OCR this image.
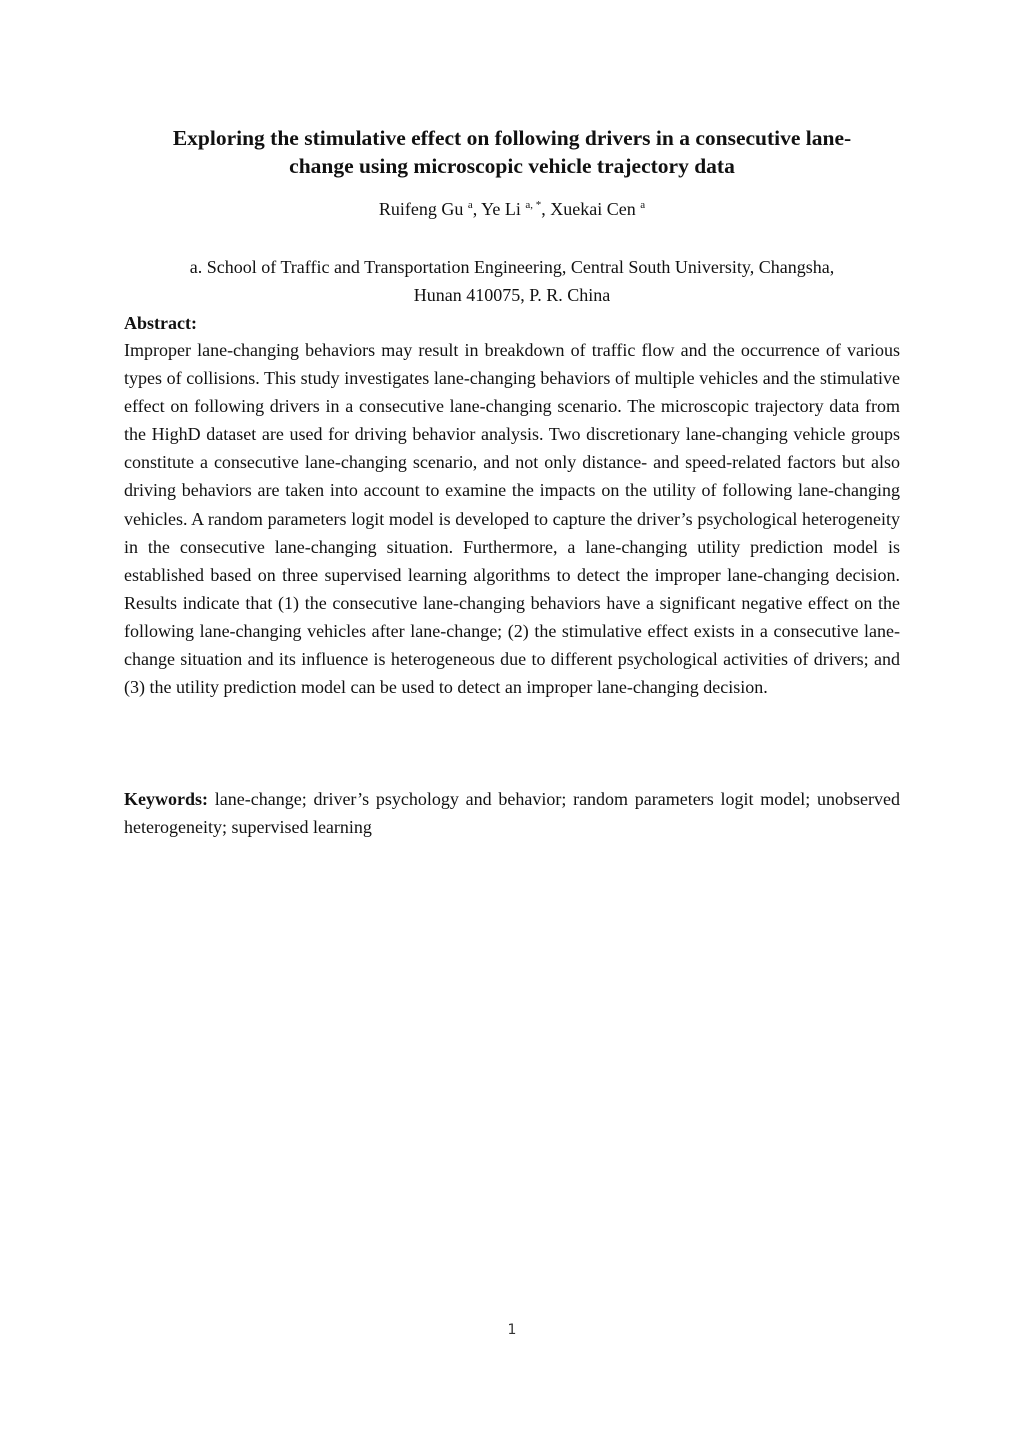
Exploring the stimulative effect on following drivers in a consecutive lane-
change using microscopic vehicle trajectory data
Ruifeng Gu $^a$, Ye Li $^{a, *}$, Xuekai Cen $^a$
a. School of Traffic and Transportation Engineering, Central South University, Changsha,
Hunan 410075, P. R. China
Abstract:

Improper lane-changing behaviors may result in breakdown of traffic flow and the occurrence of various types of collisions. This study investigates lane-changing behaviors of multiple vehicles and the stimulative effect on following drivers in a consecutive lane-changing scenario. The microscopic trajectory data from the HighD dataset are used for driving behavior analysis. Two discretionary lane-changing vehicle groups constitute a consecutive lane-changing scenario, and not only distance- and speed-related factors but also driving behaviors are taken into account to examine the impacts on the utility of following lane-changing vehicles. A random parameters logit model is developed to capture the driver’s psychological heterogeneity in the consecutive lane-changing situation. Furthermore, a lane-changing utility prediction model is established based on three supervised learning algorithms to detect the improper lane-changing decision. Results indicate that (1) the consecutive lane-changing behaviors have a significant negative effect on the following lane-changing vehicles after lane-change; (2) the stimulative effect exists in a consecutive lane-change situation and its influence is heterogeneous due to different psychological activities of drivers; and (3) the utility prediction model can be used to detect an improper lane-changing decision.

Keywords: lane-change; driver’s psychology and behavior; random parameters logit model; unobserved heterogeneity; supervised learning

1
